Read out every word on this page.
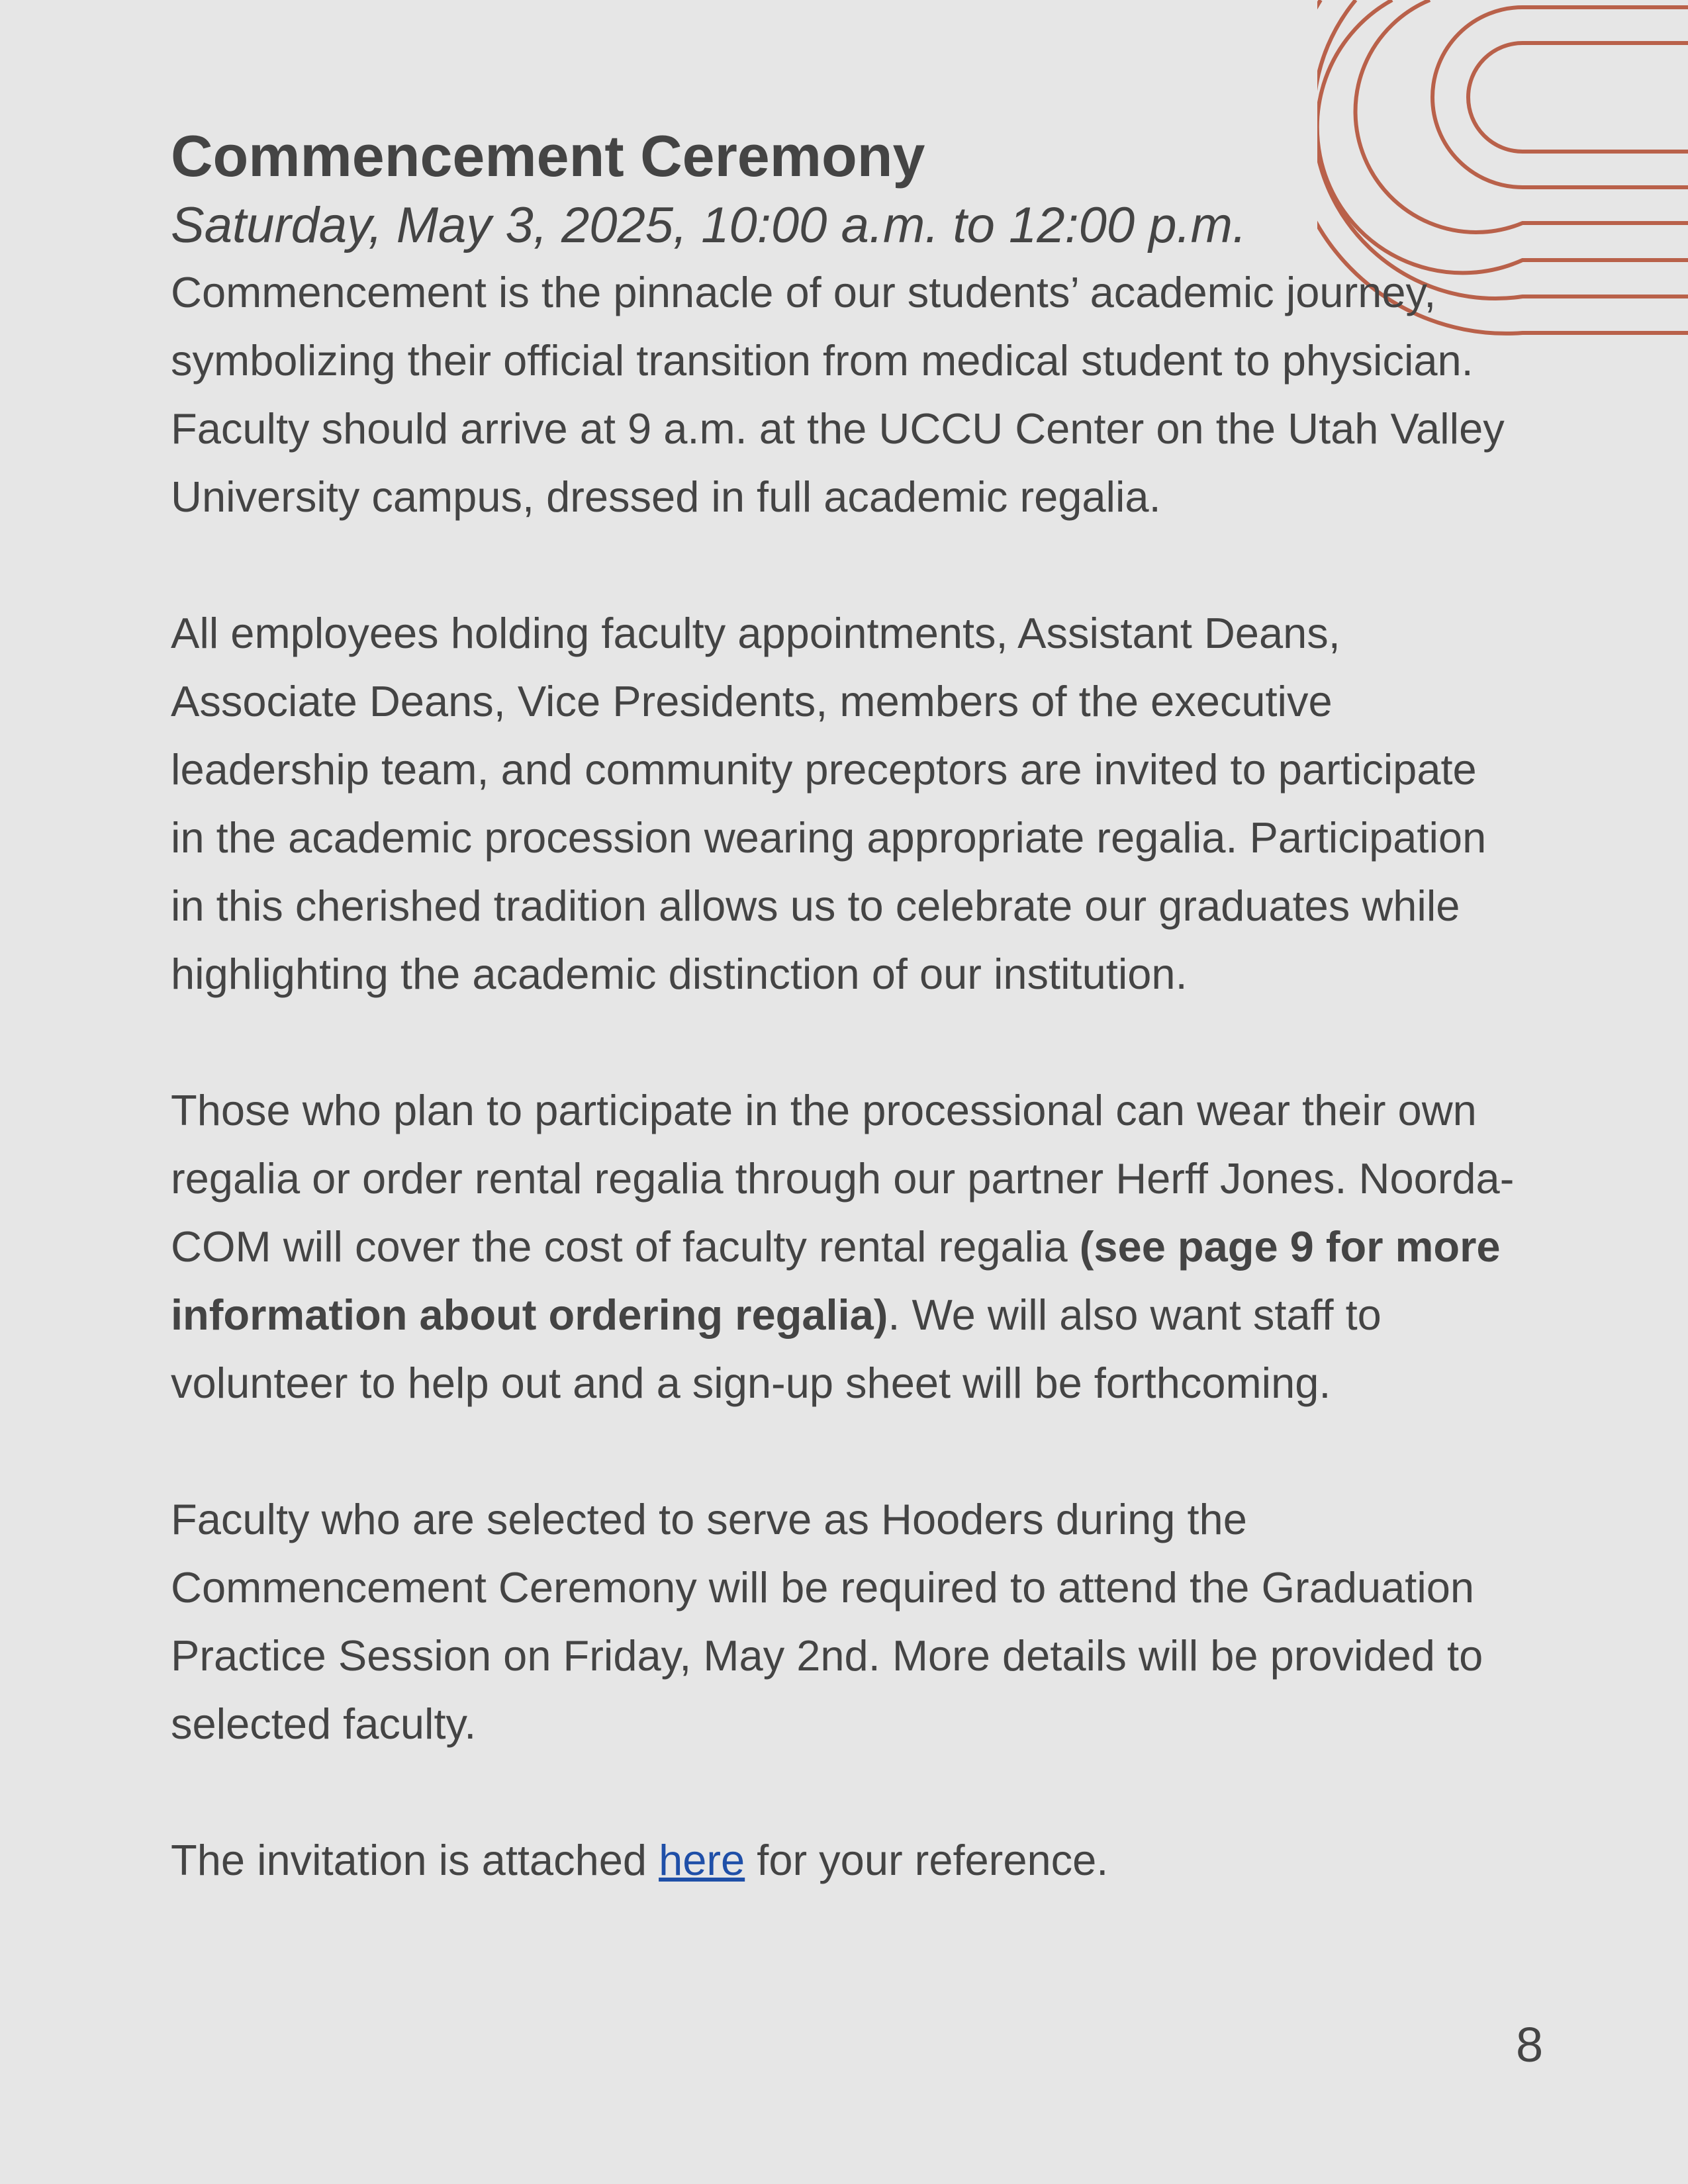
Commencement Ceremony

Saturday, May 3, 2025, 10:00 a.m. to 12:00 p.m.

Commencement is the pinnacle of our students’ academic journey, symbolizing their official transition from medical student to physician. Faculty should arrive at 9 a.m. at the UCCU Center on the Utah Valley University campus, dressed in full academic regalia.

All employees holding faculty appointments, Assistant Deans, Associate Deans, Vice Presidents, members of the executive leadership team, and community preceptors are invited to participate in the academic procession wearing appropriate regalia. Participation in this cherished tradition allows us to celebrate our graduates while highlighting the academic distinction of our institution.

Those who plan to participate in the processional can wear their own regalia or order rental regalia through our partner Herff Jones. Noorda-COM will cover the cost of faculty rental regalia (see page 9 for more information about ordering regalia). We will also want staff to volunteer to help out and a sign-up sheet will be forthcoming.

Faculty who are selected to serve as Hooders during the Commencement Ceremony will be required to attend the Graduation Practice Session on Friday, May 2nd. More details will be provided to selected faculty.

The invitation is attached here for your reference.

8
